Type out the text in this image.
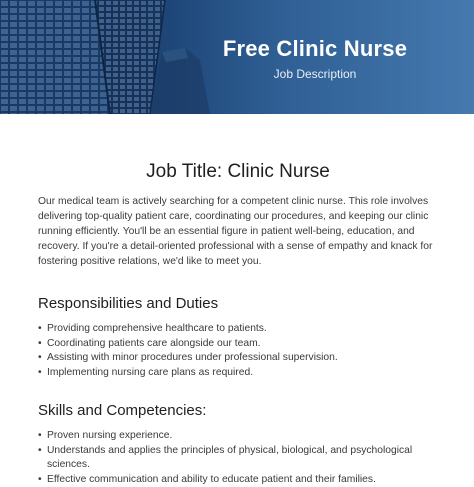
Free Clinic Nurse

Job Description

Job Title: Clinic Nurse

Our medical team is actively searching for a competent clinic nurse. This role involves delivering top-quality patient care, coordinating our procedures, and keeping our clinic running efficiently. You'll be an essential figure in patient well-being, education, and recovery. If you're a detail-oriented professional with a sense of empathy and knack for fostering positive relations, we'd like to meet you.

Responsibilities and Duties
• Providing comprehensive healthcare to patients.
• Coordinating patients care alongside our team.
• Assisting with minor procedures under professional supervision.
• Implementing nursing care plans as required.
Skills and Competencies:
• Proven nursing experience.
• Understands and applies the principles of physical, biological, and psychological sciences.
• Effective communication and ability to educate patient and their families.
